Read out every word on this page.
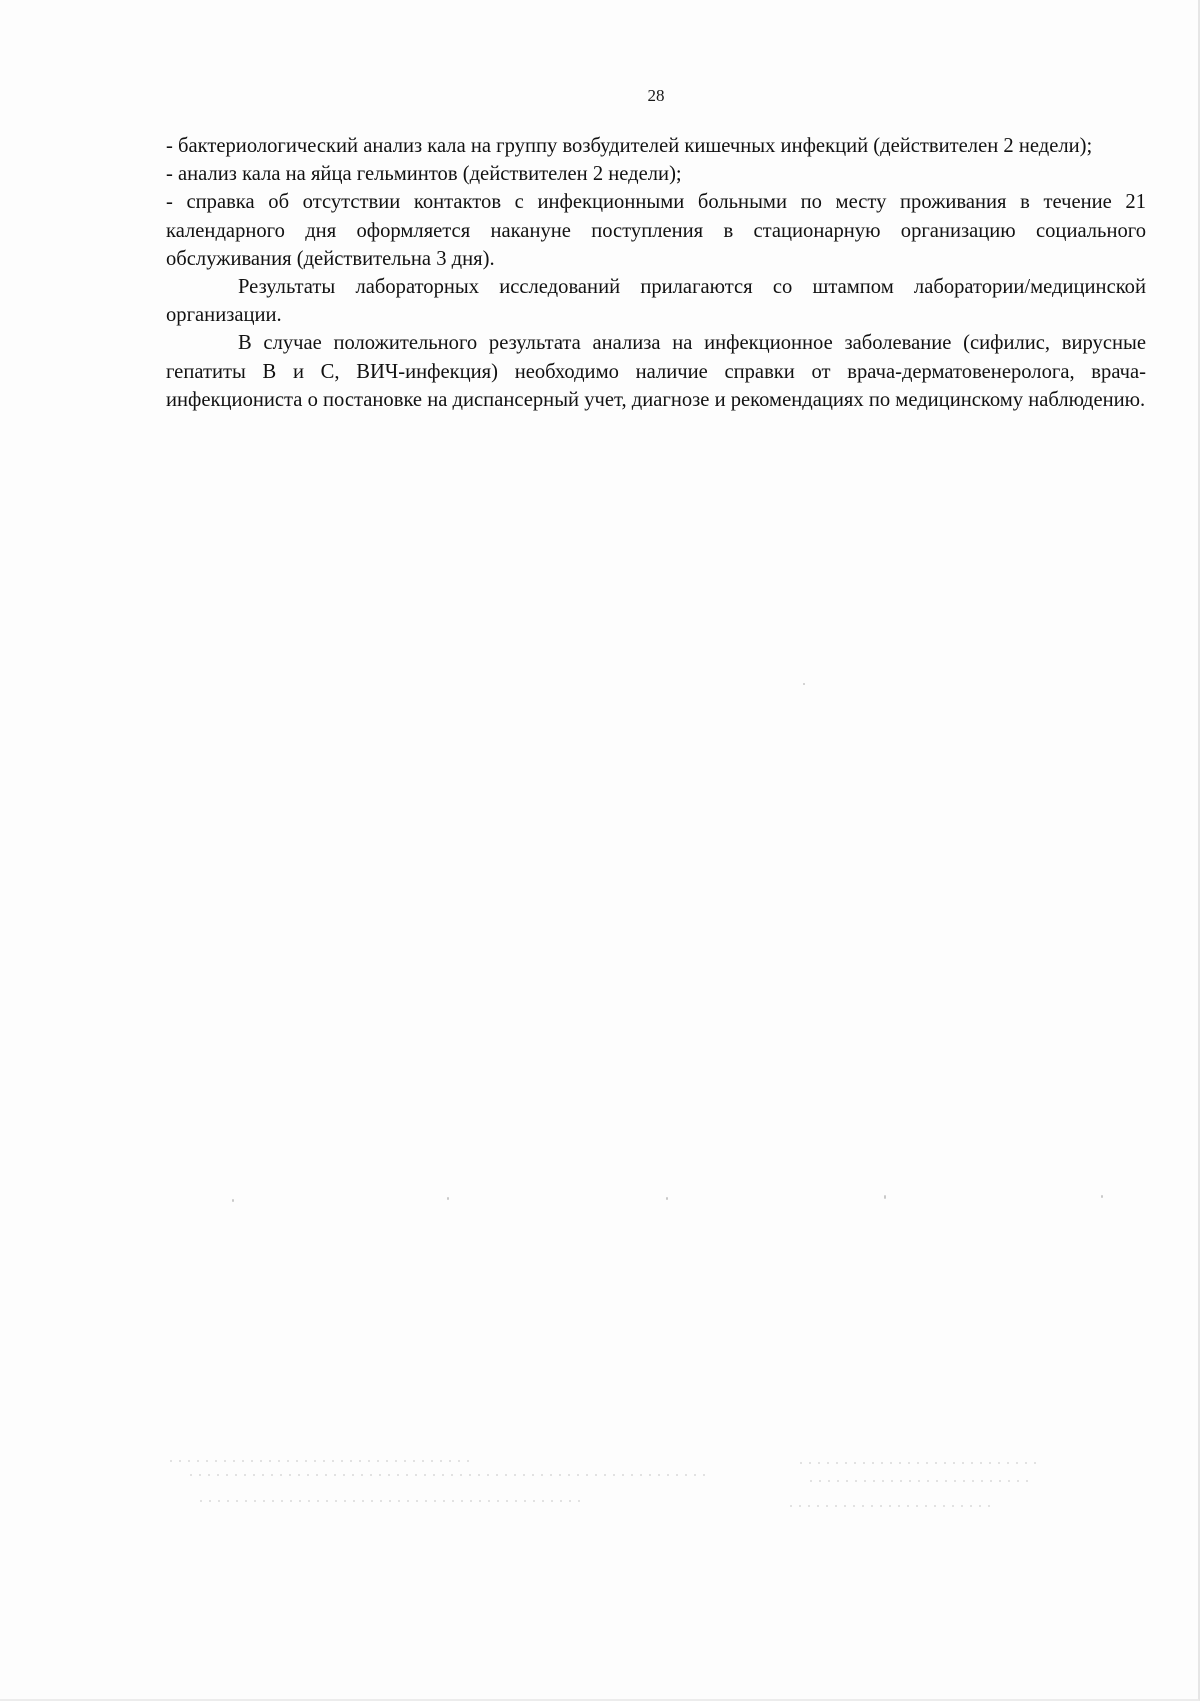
28

- бактериологический анализ кала на группу возбудителей кишечных инфекций (действителен 2 недели);

- анализ кала на яйца гельминтов (действителен 2 недели);

- справка об отсутствии контактов с инфекционными больными по месту проживания в течение 21 календарного дня оформляется накануне поступления в стационарную организацию социального обслуживания (действительна 3 дня).

Результаты лабораторных исследований прилагаются со штампом лаборатории/медицинской организации.

В случае положительного результата анализа на инфекционное заболевание (сифилис, вирусные гепатиты В и С, ВИЧ-инфекция) необходимо наличие справки от врача-дерматовенеролога, врача-инфекциониста о постановке на диспансерный учет, диагнозе и рекомендациях по медицинскому наблюдению.
